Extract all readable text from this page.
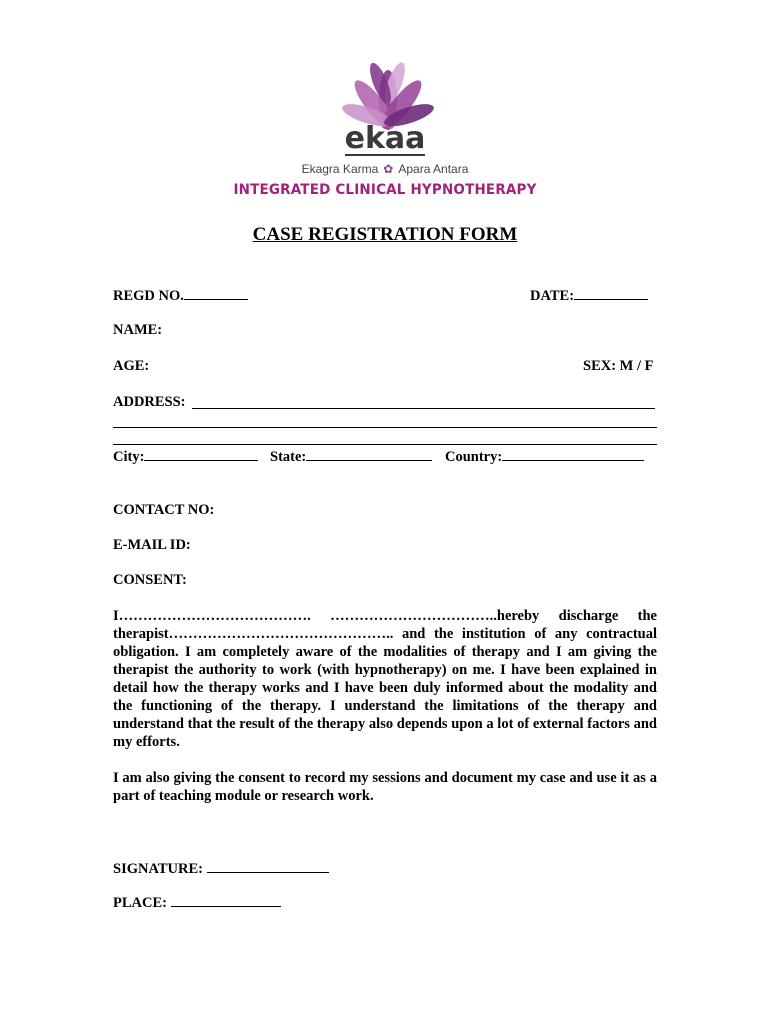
ekaa
Ekagra Karma ✿ Apara Antara
INTEGRATED CLINICAL HYPNOTHERAPY
CASE REGISTRATION FORM
REGD NO.	DATE:
NAME:
AGE:	SEX: M / F
ADDRESS:
City:	State:	Country:
CONTACT NO:
E-MAIL ID:
CONSENT:
I…………………………………. ……………………………..hereby discharge the therapist……………………………………….. and the institution of any contractual obligation. I am completely aware of the modalities of therapy and I am giving the therapist the authority to work (with hypnotherapy) on me. I have been explained in detail how the therapy works and I have been duly informed about the modality and the functioning of the therapy. I understand the limitations of the therapy and understand that the result of the therapy also depends upon a lot of external factors and my efforts.
I am also giving the consent to record my sessions and document my case and use it as a part of teaching module or research work.
SIGNATURE:
PLACE:
